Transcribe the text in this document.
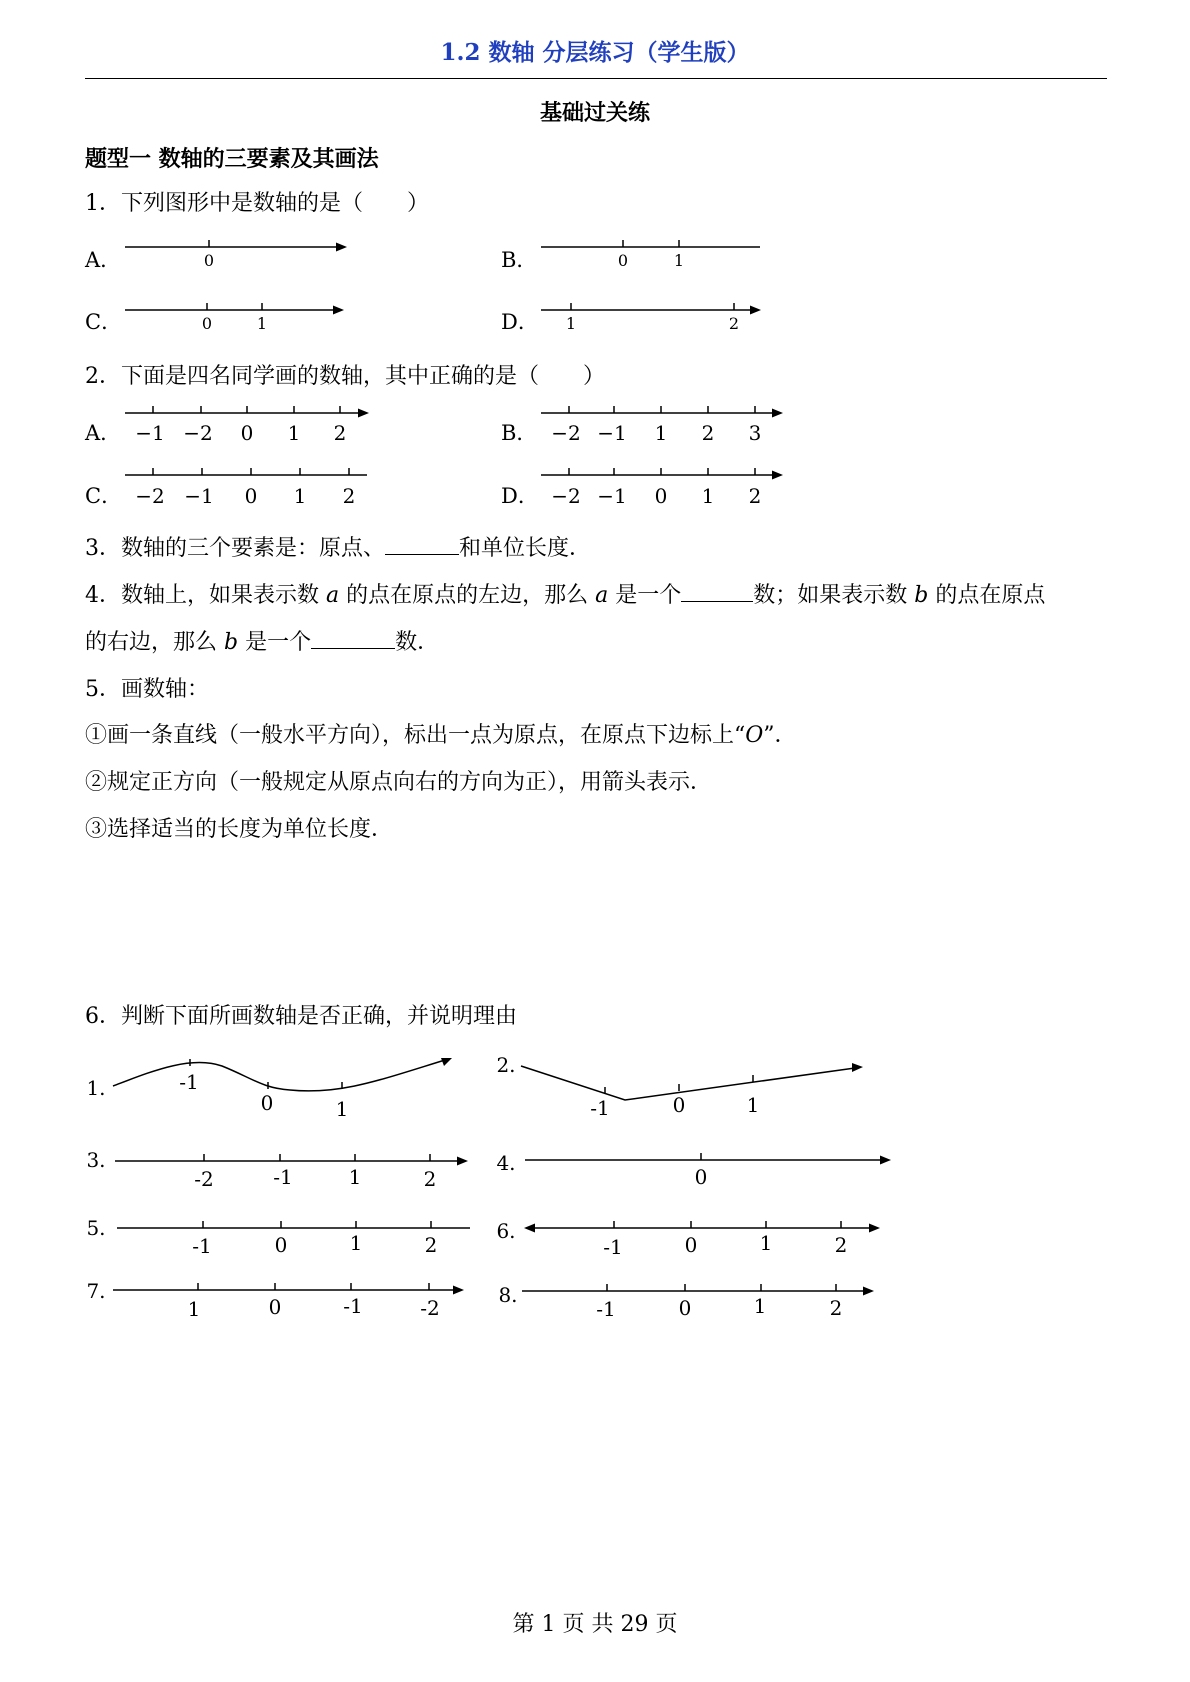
1.2 数轴 分层练习（学生版）
基础过关练
题型一 数轴的三要素及其画法
1．下列图形中是数轴的是（　　）
A．	0	B．	0	1
C．	0	1	D． 1	2
2．下面是四名同学画的数轴，其中正确的是（　　）
A． −1 −2 0 1 2	B． −2 −1 1 2 3
C． −2 −1 0 1 2	D． −2 −1 0 1 2
3．数轴的三个要素是：原点、	和单位长度．
4．数轴上，如果表示数 a 的点在原点的左边，那么 a 是一个	数；如果表示数 b 的点在原点
的右边，那么 b 是一个	数．
5．画数轴：
①画一条直线（一般水平方向），标出一点为原点，在原点下边标上“O”．
②规定正方向（一般规定从原点向右的方向为正），用箭头表示．
③选择适当的长度为单位长度．
6．判断下面所画数轴是否正确，并说明理由
1.	-1
0	1
2.
-1	0	1
3.
-2	-1	1	2
4.
0
5.
-1	0	1	2
6.
-1	0	1	2
7.
1	0	-1	-2
8.
-1	0	1	2
第 1 页 共 29 页
